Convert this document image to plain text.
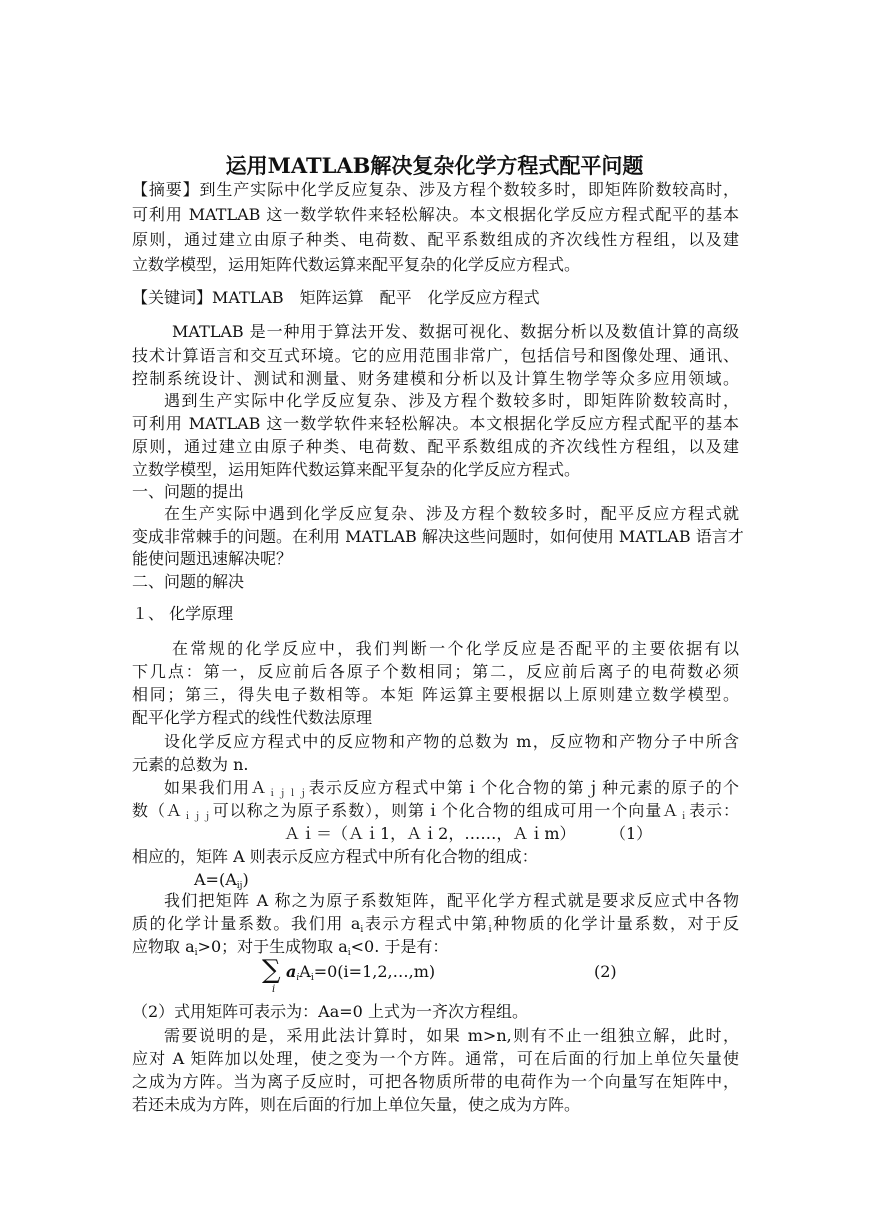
运用MATLAB解决复杂化学方程式配平问题

【摘要】到生产实际中化学反应复杂、涉及方程个数较多时，即矩阵阶数较高时，

可利用 MATLAB 这一数学软件来轻松解决。本文根据化学反应方程式配平的基本

原则，通过建立由原子种类、电荷数、配平系数组成的齐次线性方程组，以及建

立数学模型，运用矩阵代数运算来配平复杂的化学反应方程式。

【关键词】MATLAB　矩阵运算　配平　化学反应方程式

MATLAB 是一种用于算法开发、数据可视化、数据分析以及数值计算的高级

技术计算语言和交互式环境。它的应用范围非常广，包括信号和图像处理、通讯、

控制系统设计、测试和测量、财务建模和分析以及计算生物学等众多应用领域。

遇到生产实际中化学反应复杂、涉及方程个数较多时，即矩阵阶数较高时，

可利用 MATLAB 这一数学软件来轻松解决。本文根据化学反应方程式配平的基本

原则，通过建立由原子种类、电荷数、配平系数组成的齐次线性方程组，以及建

立数学模型，运用矩阵代数运算来配平复杂的化学反应方程式。

一、问题的提出

在生产实际中遇到化学反应复杂、涉及方程个数较多时，配平反应方程式就

变成非常棘手的问题。在利用 MATLAB 解决这些问题时，如何使用 MATLAB 语言才

能使问题迅速解决呢？

二、问题的解决

１、 化学原理

在常规的化学反应中，我们判断一个化学反应是否配平的主要依据有以

下几点：第一，反应前后各原子个数相同；第二，反应前后离子的电荷数必须

相同；第三，得失电子数相等。本矩 阵运算主要根据以上原则建立数学模型。

配平化学方程式的线性代数法原理

设化学反应方程式中的反应物和产物的总数为 m，反应物和产物分子中所含

元素的总数为 n.

如果我们用Ａ$_{ijlj}$表示反应方程式中第ｉ个化合物的第ｊ种元素的原子的个

数（Ａ$_{ijj}$可以称之为原子系数），则第ｉ个化合物的组成可用一个向量Ａ$_i$表示：

Ａｉ＝（Ａｉ1，Ａｉ2，……，Ａｉm） （1）

相应的，矩阵 A 则表示反应方程式中所有化合物的组成：

$A=(A_{ij})$

我们把矩阵 A 称之为原子系数矩阵，配平化学方程式就是要求反应式中各物

质的化学计量系数。我们用 $a_i$表示方程式中第$_i$种物质的化学计量系数，对于反

应物取 $a_i>0$；对于生成物取 $a_i<0$. 于是有：

∑
i

$a_iA_i=0(i=1,2,\dots,m)$	(2)

（2）式用矩阵可表示为：Aa=0 上式为一齐次方程组。

需要说明的是，采用此法计算时，如果 m>n,则有不止一组独立解，此时，

应对 A 矩阵加以处理，使之变为一个方阵。通常，可在后面的行加上单位矢量使

之成为方阵。当为离子反应时，可把各物质所带的电荷作为一个向量写在矩阵中，

若还未成为方阵，则在后面的行加上单位矢量，使之成为方阵。
